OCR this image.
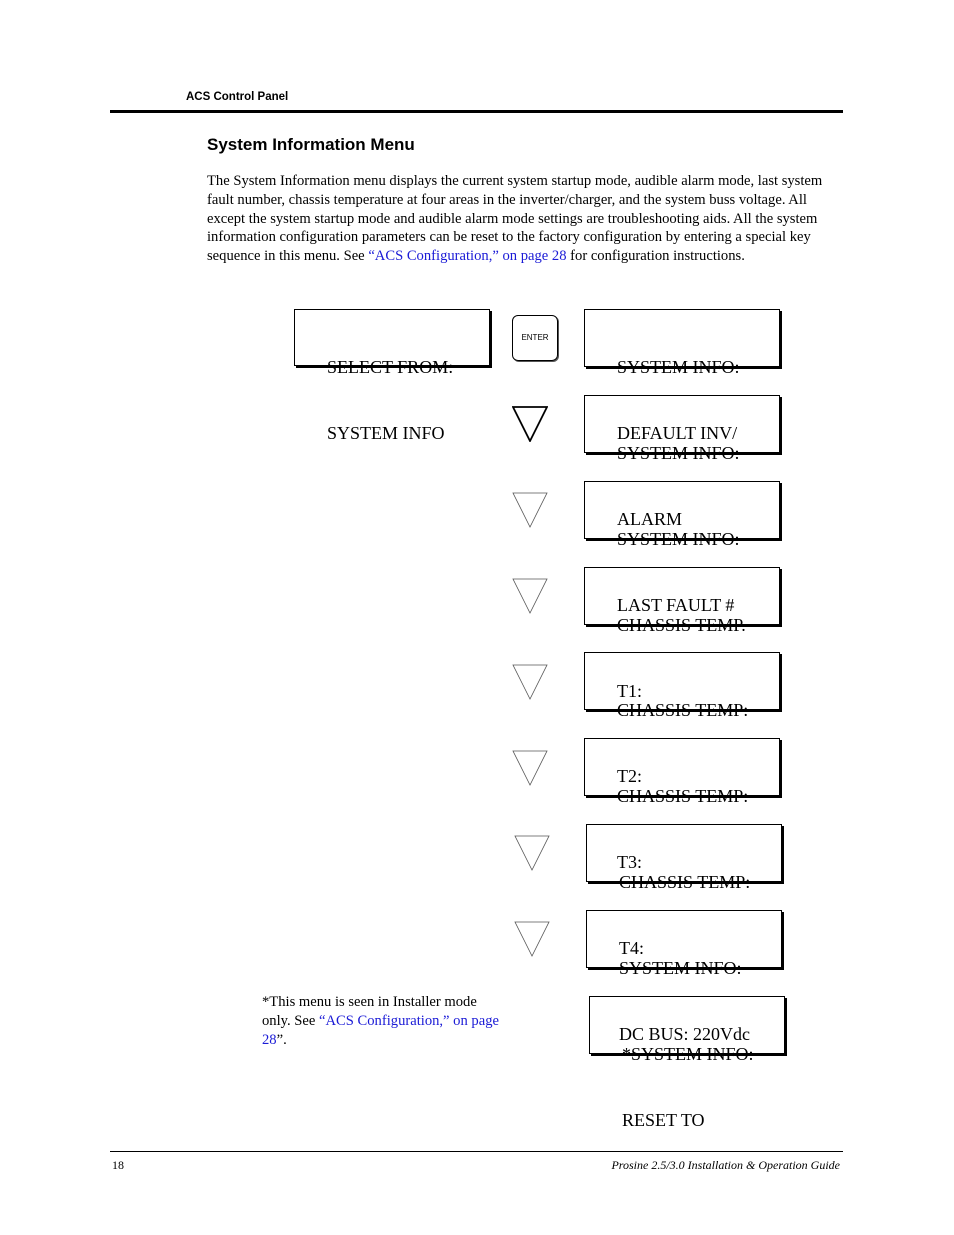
ACS Control Panel
System Information Menu
The System Information menu displays the current system startup mode, audible alarm mode, last system fault number, chassis temperature at four areas in the inverter/charger, and the system buss voltage. All except the system startup mode and audible alarm mode settings are troubleshooting aids. All the system information configuration parameters can be reset to the factory configuration by entering a special key sequence in this menu. See “ACS Configuration,” on page 28 for configuration instructions.

SELECT FROM:

SYSTEM INFO

ENTER

SYSTEM INFO:

DEFAULT INV/

SYSTEM INFO:

ALARM

SYSTEM INFO:

LAST FAULT #

CHASSIS TEMP.

T1:

CHASSIS TEMP:

T2:

CHASSIS TEMP:

T3:

CHASSIS TEMP:

T4:

SYSTEM INFO:

DC BUS: 220Vdc

*SYSTEM INFO:

RESET TO

*This menu is seen in Installer mode only. See “ACS Configuration,” on page 28”.
18	Prosine 2.5/3.0 Installation & Operation Guide
